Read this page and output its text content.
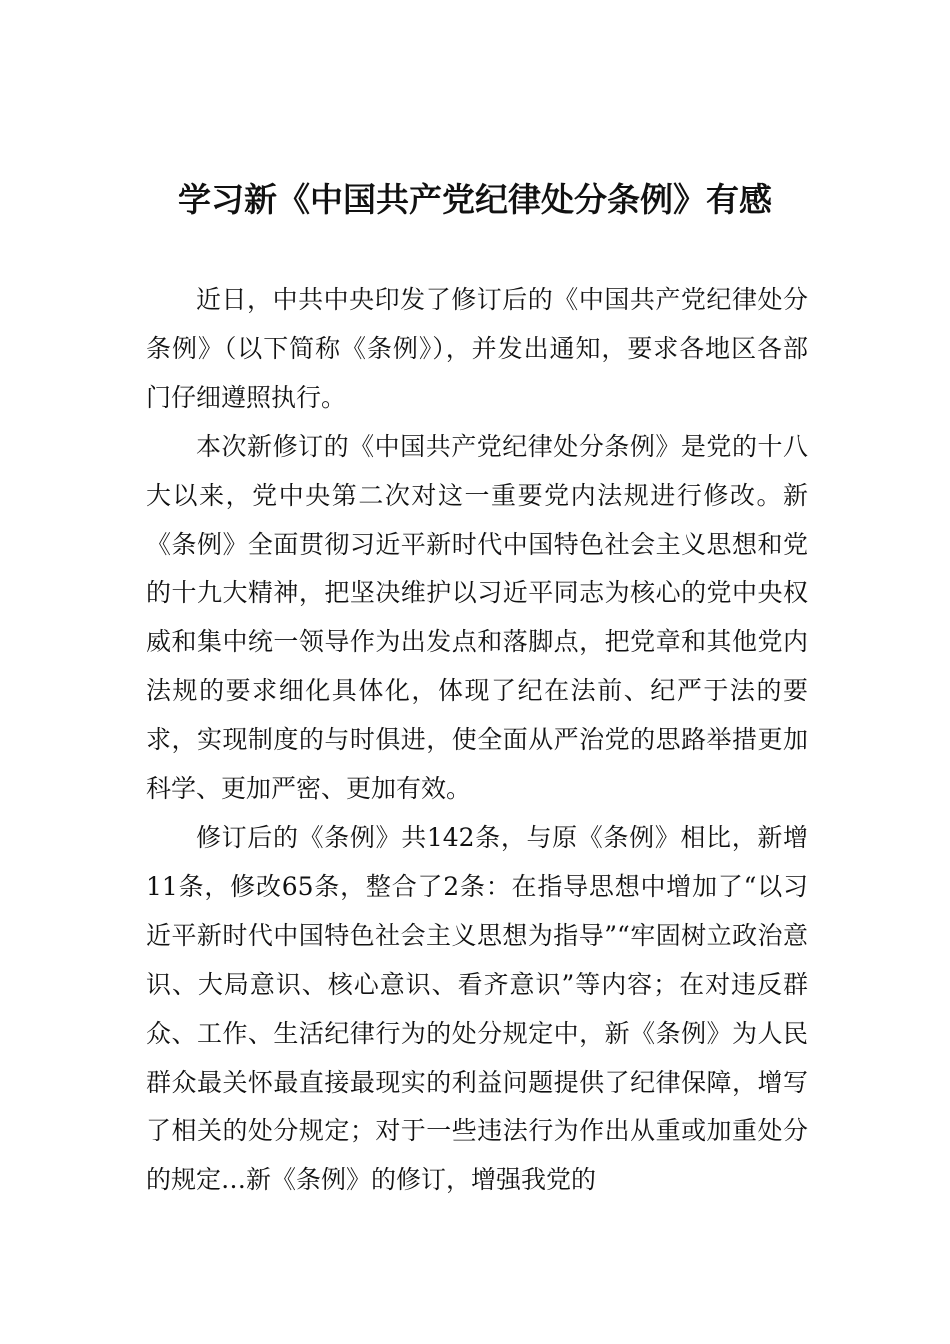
学习新《中国共产党纪律处分条例》有感

近日，中共中央印发了修订后的《中国共产党纪律处分条例》（以下简称《条例》），并发出通知，要求各地区各部门仔细遵照执行。

本次新修订的《中国共产党纪律处分条例》是党的十八大以来，党中央第二次对这一重要党内法规进行修改。新《条例》全面贯彻习近平新时代中国特色社会主义思想和党的十九大精神，把坚决维护以习近平同志为核心的党中央权威和集中统一领导作为出发点和落脚点，把党章和其他党内法规的要求细化具体化，体现了纪在法前、纪严于法的要求，实现制度的与时俱进，使全面从严治党的思路举措更加科学、更加严密、更加有效。

修订后的《条例》共142条，与原《条例》相比，新增11条，修改65条，整合了2条：在指导思想中增加了“以习近平新时代中国特色社会主义思想为指导”“牢固树立政治意识、大局意识、核心意识、看齐意识”等内容；在对违反群众、工作、生活纪律行为的处分规定中，新《条例》为人民群众最关怀最直接最现实的利益问题提供了纪律保障，增写了相关的处分规定；对于一些违法行为作出从重或加重处分的规定…新《条例》的修订，增强我党的
